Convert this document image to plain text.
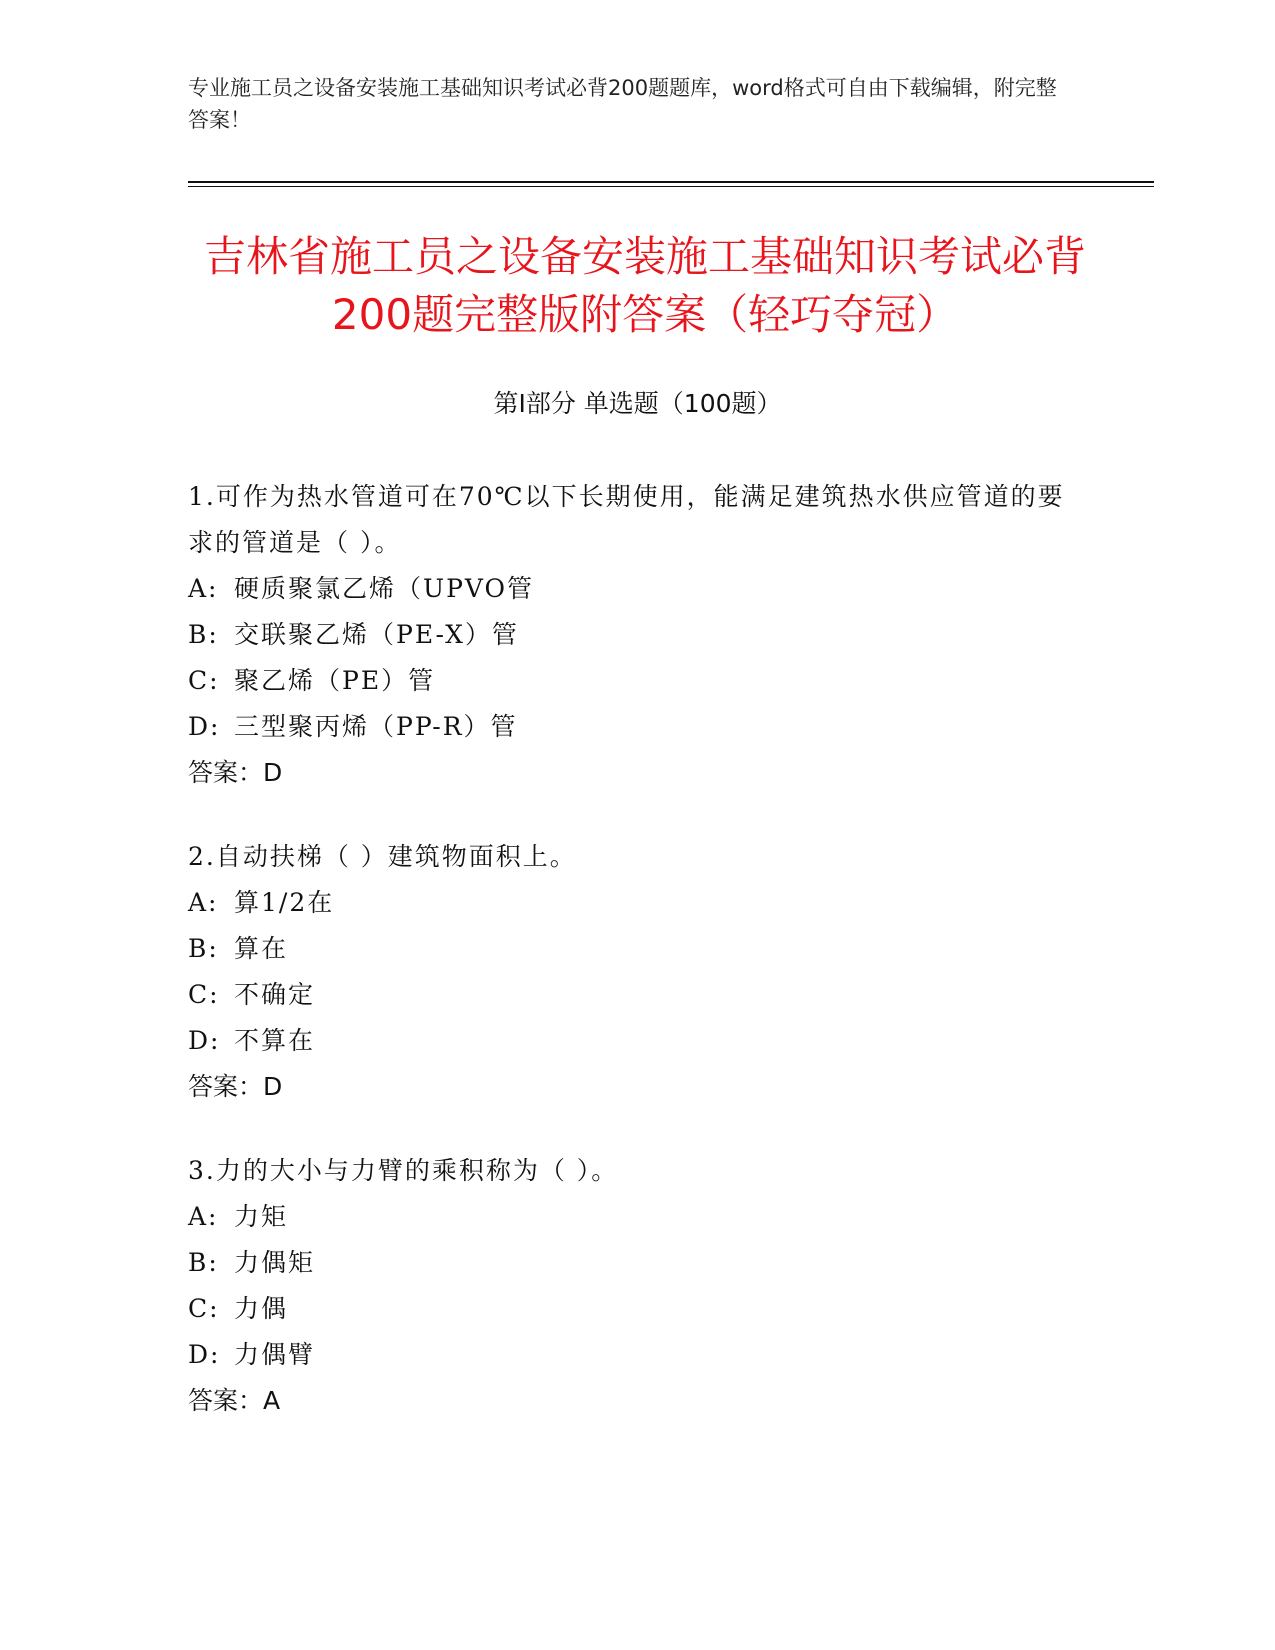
专业施工员之设备安装施工基础知识考试必背200题题库，word格式可自由下载编辑，附完整答案！
吉林省施工员之设备安装施工基础知识考试必背200题完整版附答案（轻巧夺冠）
第I部分 单选题（100题）
1.可作为热水管道可在70℃以下长期使用，能满足建筑热水供应管道的要求的管道是（ ）。
A: 硬质聚氯乙烯（UPVO管
B: 交联聚乙烯（PE-X）管
C: 聚乙烯（PE）管
D: 三型聚丙烯（PP-R）管
答案：D
2.自动扶梯（ ）建筑物面积上。
A: 算1/2在
B: 算在
C: 不确定
D: 不算在
答案：D
3.力的大小与力臂的乘积称为（ ）。
A: 力矩
B: 力偶矩
C: 力偶
D: 力偶臂
答案：A
